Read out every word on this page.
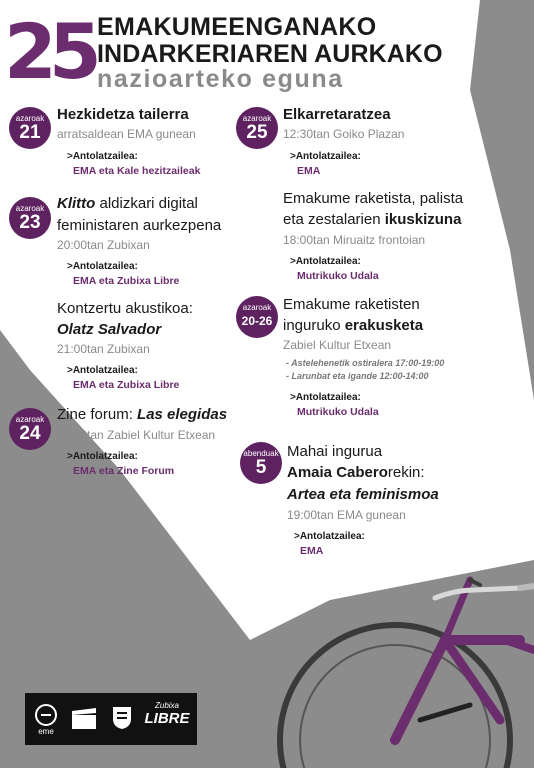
25 EMAKUMEENGANAKO
INDARKERIAREN AURKAKO
nazioarteko eguna
azaroak
21
Hezkidetza tailerra
arratsaldean EMA gunean
>Antolatzailea:
EMA eta Kale hezitzaileak
azaroak
23
Klitto aldizkari digital
feministaren aurkezpena
20:00tan Zubixan
>Antolatzailea:
EMA eta Zubixa Libre
Kontzertu akustikoa:
Olatz Salvador
21:00tan Zubixan
>Antolatzailea:
EMA eta Zubixa Libre
azaroak
24
Zine forum: Las elegidas
22:00tan Zabiel Kultur Etxean
>Antolatzailea:
EMA eta Zine Forum
azaroak
25
Elkarretaratzea
12:30tan Goiko Plazan
>Antolatzailea:
EMA
Emakume raketista, palista
eta zestalarien ikuskizuna
18:00tan Miruaitz frontoian
>Antolatzailea:
Mutrikuko Udala
azaroak
20-26
Emakume raketisten
inguruko erakusketa
Zabiel Kultur Etxean
- Astelehenetik ostiralera 17:00-19:00
- Larunbat eta igande 12:00-14:00
>Antolatzailea:
Mutrikuko Udala
abenduak
5
Mahai ingurua
Amaia Caberorekin:
Artea eta feminismoa
19:00tan EMA gunean
>Antolatzailea:
EMA
eme
Zubixa
LIBRE
